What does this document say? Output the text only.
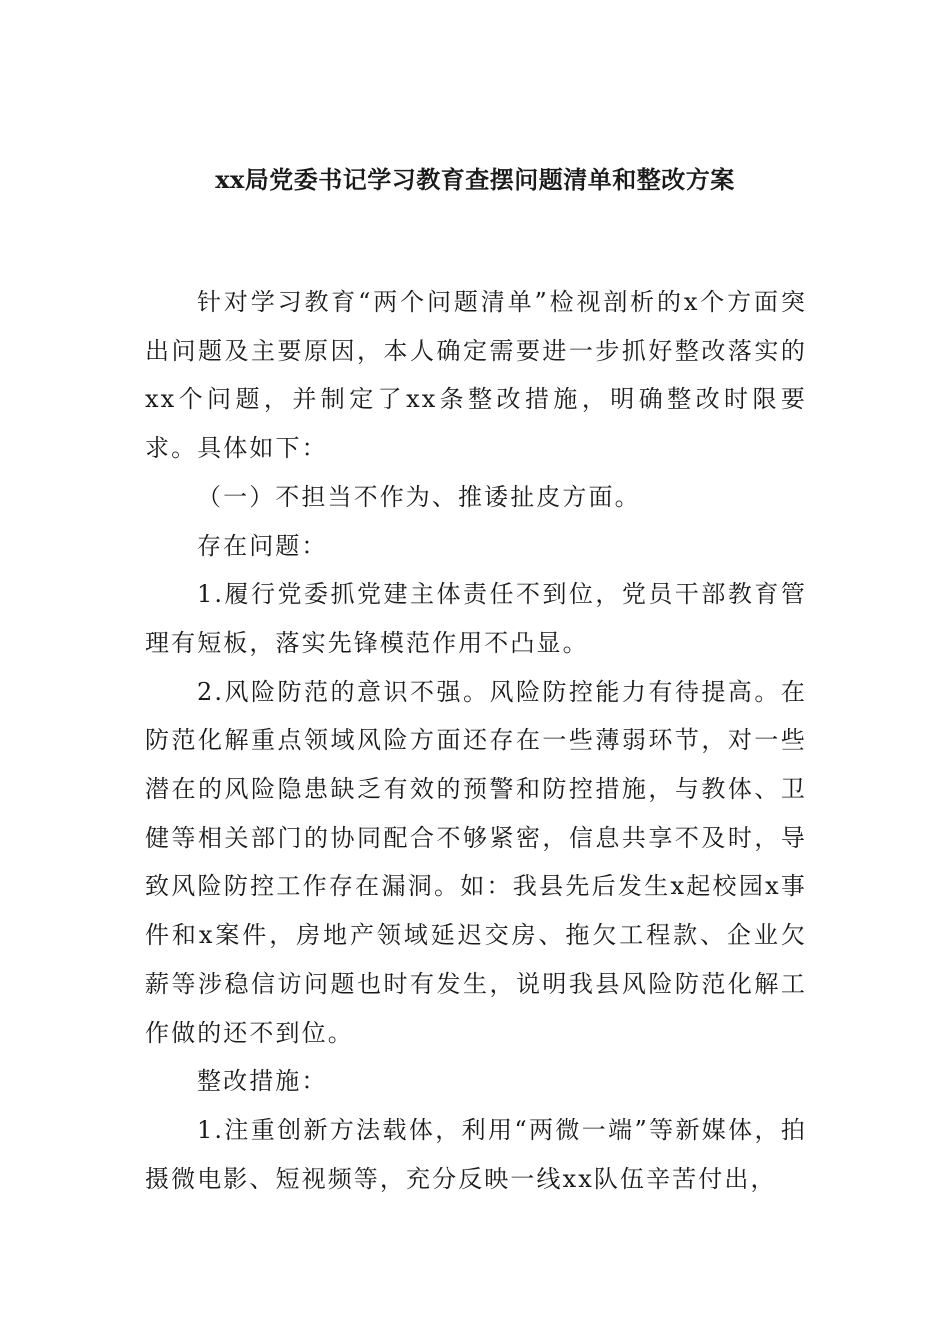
xx局党委书记学习教育查摆问题清单和整改方案

针对学习教育“两个问题清单”检视剖析的x个方面突出问题及主要原因，本人确定需要进一步抓好整改落实的xx个问题，并制定了xx条整改措施，明确整改时限要求。具体如下：

（一）不担当不作为、推诿扯皮方面。

存在问题：

1.履行党委抓党建主体责任不到位，党员干部教育管理有短板，落实先锋模范作用不凸显。

2.风险防范的意识不强。风险防控能力有待提高。在防范化解重点领域风险方面还存在一些薄弱环节，对一些潜在的风险隐患缺乏有效的预警和防控措施，与教体、卫健等相关部门的协同配合不够紧密，信息共享不及时，导致风险防控工作存在漏洞。如：我县先后发生x起校园x事件和x案件，房地产领域延迟交房、拖欠工程款、企业欠薪等涉稳信访问题也时有发生，说明我县风险防范化解工作做的还不到位。

整改措施：

1.注重创新方法载体，利用“两微一端”等新媒体，拍摄微电影、短视频等，充分反映一线xx队伍辛苦付出，
